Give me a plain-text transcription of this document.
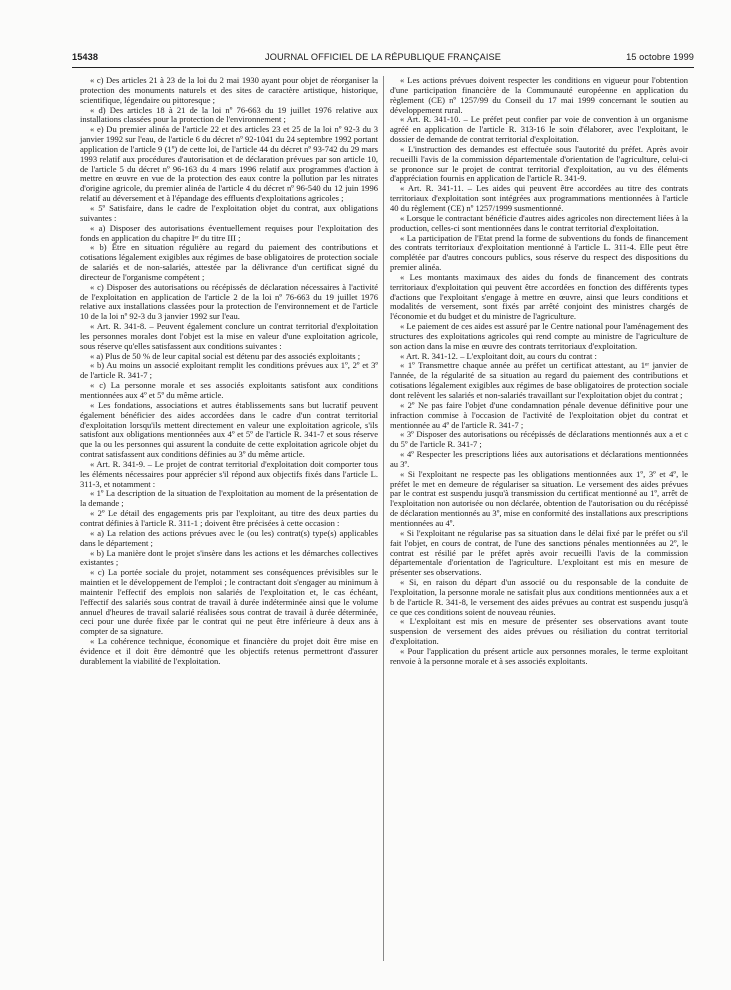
15438	JOURNAL OFFICIEL DE LA RÉPUBLIQUE FRANÇAISE	15 octobre 1999

« c) Des articles 21 à 23 de la loi du 2 mai 1930 ayant pour objet de réorganiser la protection des monuments naturels et des sites de caractère artistique, historique, scientifique, légendaire ou pittoresque ;

« d) Des articles 18 à 21 de la loi nº 76-663 du 19 juillet 1976 relative aux installations classées pour la protection de l'environnement ;

« e) Du premier alinéa de l'article 22 et des articles 23 et 25 de la loi nº 92-3 du 3 janvier 1992 sur l'eau, de l'article 6 du décret nº 92-1041 du 24 septembre 1992 portant application de l'article 9 (1º) de cette loi, de l'article 44 du décret nº 93-742 du 29 mars 1993 relatif aux procédures d'autorisation et de déclaration prévues par son article 10, de l'article 5 du décret nº 96-163 du 4 mars 1996 relatif aux programmes d'action à mettre en œuvre en vue de la protection des eaux contre la pollution par les nitrates d'origine agricole, du premier alinéa de l'article 4 du décret nº 96-540 du 12 juin 1996 relatif au déversement et à l'épandage des effluents d'exploitations agricoles ;

« 5º Satisfaire, dans le cadre de l'exploitation objet du contrat, aux obligations suivantes :

« a) Disposer des autorisations éventuellement requises pour l'exploitation des fonds en application du chapitre Iᵉʳ du titre III ;

« b) Être en situation régulière au regard du paiement des contributions et cotisations légalement exigibles aux régimes de base obligatoires de protection sociale de salariés et de non-salariés, attestée par la délivrance d'un certificat signé du directeur de l'organisme compétent ;

« c) Disposer des autorisations ou récépissés de déclaration nécessaires à l'activité de l'exploitation en application de l'article 2 de la loi nº 76-663 du 19 juillet 1976 relative aux installations classées pour la protection de l'environnement et de l'article 10 de la loi nº 92-3 du 3 janvier 1992 sur l'eau.

« Art. R. 341-8. – Peuvent également conclure un contrat territorial d'exploitation les personnes morales dont l'objet est la mise en valeur d'une exploitation agricole, sous réserve qu'elles satisfassent aux conditions suivantes :

« a) Plus de 50 % de leur capital social est détenu par des associés exploitants ;

« b) Au moins un associé exploitant remplit les conditions prévues aux 1º, 2º et 3º de l'article R. 341-7 ;

« c) La personne morale et ses associés exploitants satisfont aux conditions mentionnées aux 4º et 5º du même article.

« Les fondations, associations et autres établissements sans but lucratif peuvent également bénéficier des aides accordées dans le cadre d'un contrat territorial d'exploitation lorsqu'ils mettent directement en valeur une exploitation agricole, s'ils satisfont aux obligations mentionnées aux 4º et 5º de l'article R. 341-7 et sous réserve que la ou les personnes qui assurent la conduite de cette exploitation agricole objet du contrat satisfassent aux conditions définies au 3º du même article.

« Art. R. 341-9. – Le projet de contrat territorial d'exploitation doit comporter tous les éléments nécessaires pour apprécier s'il répond aux objectifs fixés dans l'article L. 311-3, et notamment :

« 1º La description de la situation de l'exploitation au moment de la présentation de la demande ;

« 2º Le détail des engagements pris par l'exploitant, au titre des deux parties du contrat définies à l'article R. 311-1 ; doivent être précisées à cette occasion :

« a) La relation des actions prévues avec le (ou les) contrat(s) type(s) applicables dans le département ;

« b) La manière dont le projet s'insère dans les actions et les démarches collectives existantes ;

« c) La portée sociale du projet, notamment ses conséquences prévisibles sur le maintien et le développement de l'emploi ; le contractant doit s'engager au minimum à maintenir l'effectif des emplois non salariés de l'exploitation et, le cas échéant, l'effectif des salariés sous contrat de travail à durée indéterminée ainsi que le volume annuel d'heures de travail salarié réalisées sous contrat de travail à durée déterminée, ceci pour une durée fixée par le contrat qui ne peut être inférieure à deux ans à compter de sa signature.

« La cohérence technique, économique et financière du projet doit être mise en évidence et il doit être démontré que les objectifs retenus permettront d'assurer durablement la viabilité de l'exploitation.

« Les actions prévues doivent respecter les conditions en vigueur pour l'obtention d'une participation financière de la Communauté européenne en application du règlement (CE) nº 1257/99 du Conseil du 17 mai 1999 concernant le soutien au développement rural.

« Art. R. 341-10. – Le préfet peut confier par voie de convention à un organisme agréé en application de l'article R. 313-16 le soin d'élaborer, avec l'exploitant, le dossier de demande de contrat territorial d'exploitation.

« L'instruction des demandes est effectuée sous l'autorité du préfet. Après avoir recueilli l'avis de la commission départementale d'orientation de l'agriculture, celui-ci se prononce sur le projet de contrat territorial d'exploitation, au vu des éléments d'appréciation fournis en application de l'article R. 341-9.

« Art. R. 341-11. – Les aides qui peuvent être accordées au titre des contrats territoriaux d'exploitation sont intégrées aux programmations mentionnées à l'article 40 du règlement (CE) nº 1257/1999 susmentionné.

« Lorsque le contractant bénéficie d'autres aides agricoles non directement liées à la production, celles-ci sont mentionnées dans le contrat territorial d'exploitation.

« La participation de l'Etat prend la forme de subventions du fonds de financement des contrats territoriaux d'exploitation mentionné à l'article L. 311-4. Elle peut être complétée par d'autres concours publics, sous réserve du respect des dispositions du premier alinéa.

« Les montants maximaux des aides du fonds de financement des contrats territoriaux d'exploitation qui peuvent être accordées en fonction des différents types d'actions que l'exploitant s'engage à mettre en œuvre, ainsi que leurs conditions et modalités de versement, sont fixés par arrêté conjoint des ministres chargés de l'économie et du budget et du ministre de l'agriculture.

« Le paiement de ces aides est assuré par le Centre national pour l'aménagement des structures des exploitations agricoles qui rend compte au ministre de l'agriculture de son action dans la mise en œuvre des contrats territoriaux d'exploitation.

« Art. R. 341-12. – L'exploitant doit, au cours du contrat :

« 1º Transmettre chaque année au préfet un certificat attestant, au 1ᵉʳ janvier de l'année, de la régularité de sa situation au regard du paiement des contributions et cotisations légalement exigibles aux régimes de base obligatoires de protection sociale dont relèvent les salariés et non-salariés travaillant sur l'exploitation objet du contrat ;

« 2º Ne pas faire l'objet d'une condamnation pénale devenue définitive pour une infraction commise à l'occasion de l'activité de l'exploitation objet du contrat et mentionnée au 4º de l'article R. 341-7 ;

« 3º Disposer des autorisations ou récépissés de déclarations mentionnés aux a et c du 5º de l'article R. 341-7 ;

« 4º Respecter les prescriptions liées aux autorisations et déclarations mentionnées au 3º.

« Si l'exploitant ne respecte pas les obligations mentionnées aux 1º, 3º et 4º, le préfet le met en demeure de régulariser sa situation. Le versement des aides prévues par le contrat est suspendu jusqu'à transmission du certificat mentionné au 1º, arrêt de l'exploitation non autorisée ou non déclarée, obtention de l'autorisation ou du récépissé de déclaration mentionnés au 3º, mise en conformité des installations aux prescriptions mentionnées au 4º.

« Si l'exploitant ne régularise pas sa situation dans le délai fixé par le préfet ou s'il fait l'objet, en cours de contrat, de l'une des sanctions pénales mentionnées au 2º, le contrat est résilié par le préfet après avoir recueilli l'avis de la commission départementale d'orientation de l'agriculture. L'exploitant est mis en mesure de présenter ses observations.

« Si, en raison du départ d'un associé ou du responsable de la conduite de l'exploitation, la personne morale ne satisfait plus aux conditions mentionnées aux a et b de l'article R. 341-8, le versement des aides prévues au contrat est suspendu jusqu'à ce que ces conditions soient de nouveau réunies.

« L'exploitant est mis en mesure de présenter ses observations avant toute suspension de versement des aides prévues ou résiliation du contrat territorial d'exploitation.

« Pour l'application du présent article aux personnes morales, le terme exploitant renvoie à la personne morale et à ses associés exploitants.
